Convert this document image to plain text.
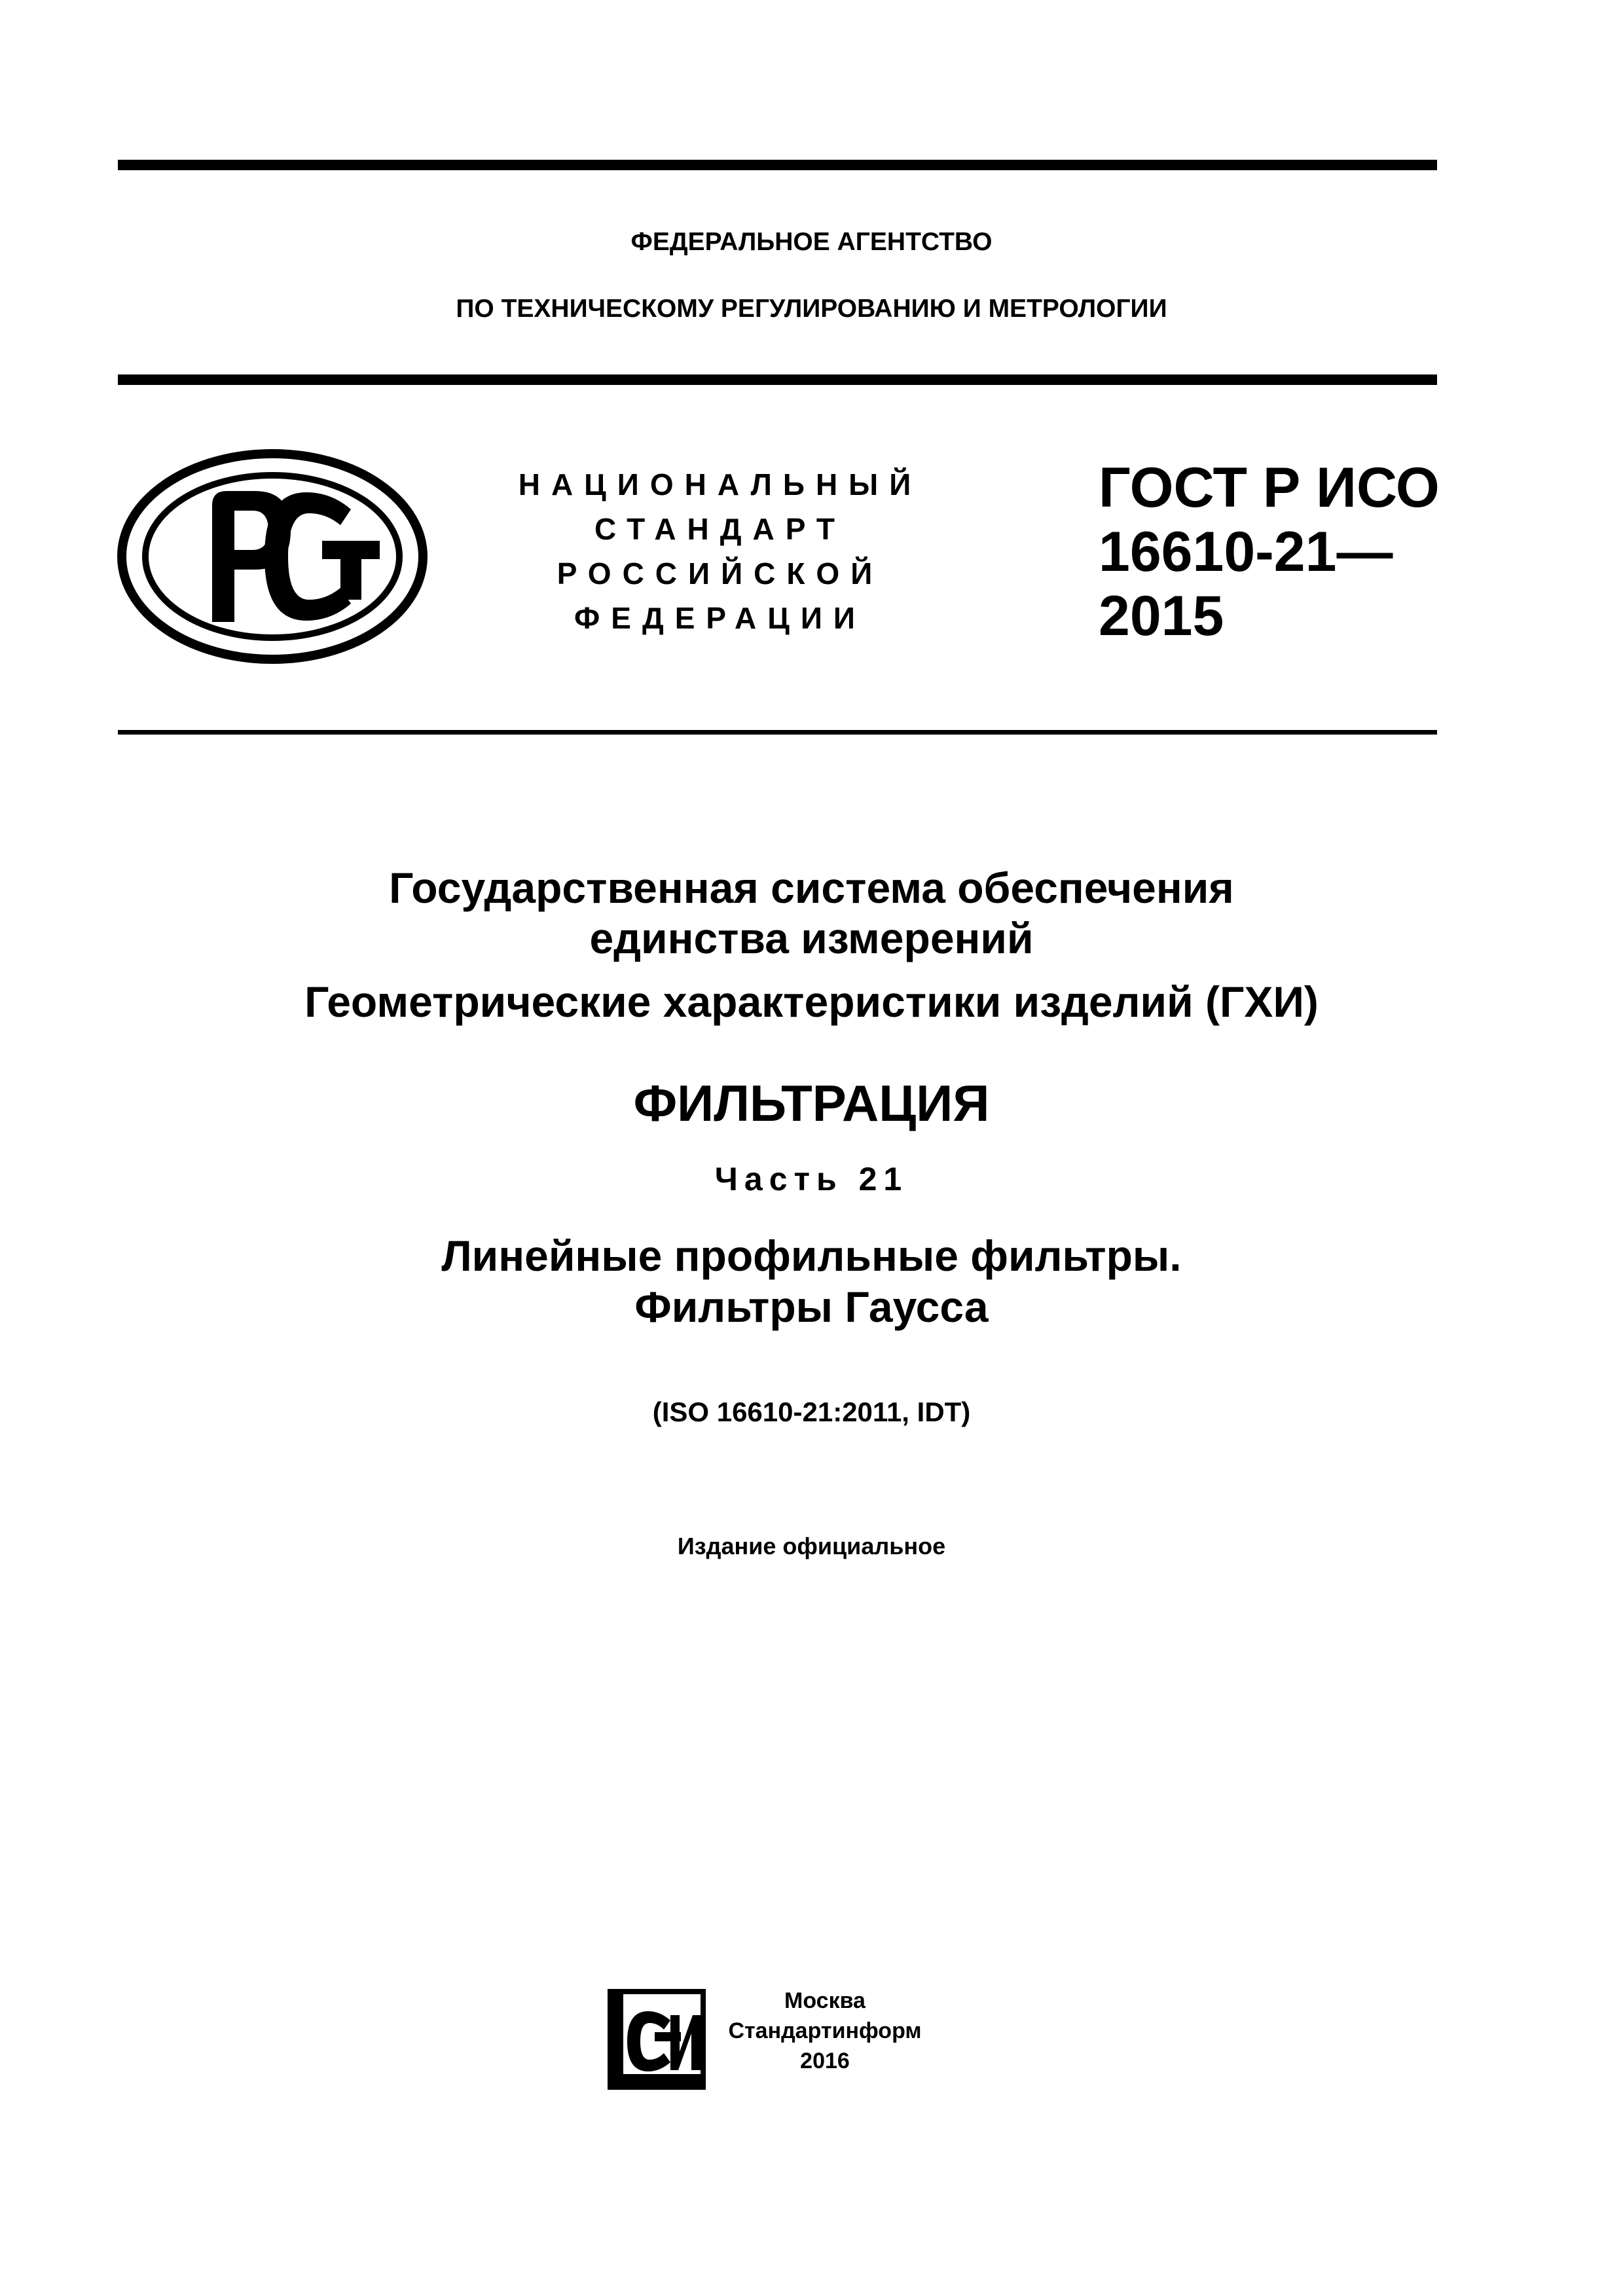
ФЕДЕРАЛЬНОЕ АГЕНТСТВО
ПО ТЕХНИЧЕСКОМУ РЕГУЛИРОВАНИЮ И МЕТРОЛОГИИ
НАЦИОНАЛЬНЫЙ
СТАНДАРТ
РОССИЙСКОЙ
ФЕДЕРАЦИИ
ГОСТ Р ИСО
16610-21—
2015
Государственная система обеспечения
единства измерений
Геометрические характеристики изделий (ГХИ)
ФИЛЬТРАЦИЯ
Часть 21
Линейные профильные фильтры.
Фильтры Гаусса
(ISO 16610-21:2011, IDT)
Издание официальное
Москва
Стандартинформ
2016
